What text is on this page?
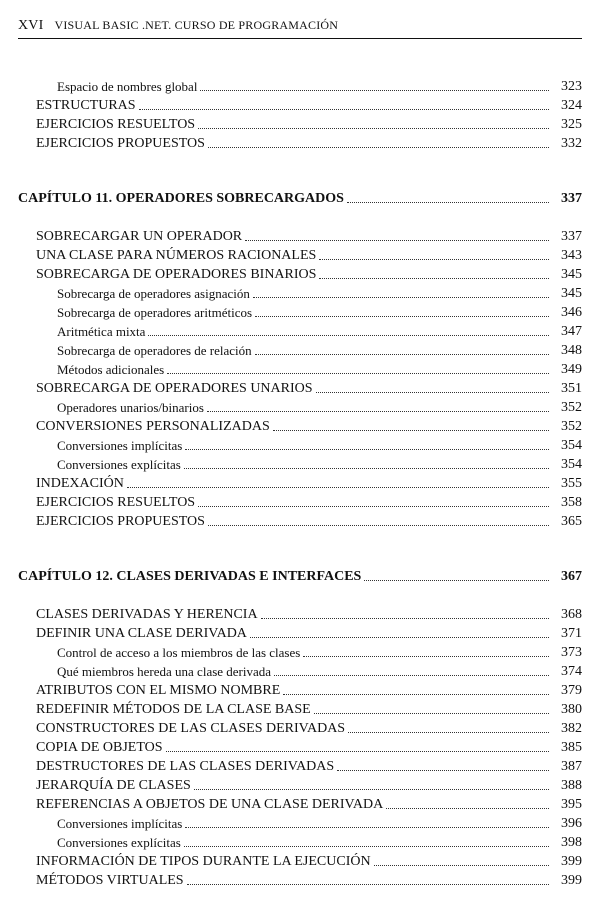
XVI VISUAL BASIC .NET. CURSO DE PROGRAMACIÓN
Espacio de nombres global	323
ESTRUCTURAS	324
EJERCICIOS RESUELTOS	325
EJERCICIOS PROPUESTOS	332
CAPÍTULO 11. OPERADORES SOBRECARGADOS	337
SOBRECARGAR UN OPERADOR	337
UNA CLASE PARA NÚMEROS RACIONALES	343
SOBRECARGA DE OPERADORES BINARIOS	345
Sobrecarga de operadores asignación	345
Sobrecarga de operadores aritméticos	346
Aritmética mixta	347
Sobrecarga de operadores de relación	348
Métodos adicionales	349
SOBRECARGA DE OPERADORES UNARIOS	351
Operadores unarios/binarios	352
CONVERSIONES PERSONALIZADAS	352
Conversiones implícitas	354
Conversiones explícitas	354
INDEXACIÓN	355
EJERCICIOS RESUELTOS	358
EJERCICIOS PROPUESTOS	365
CAPÍTULO 12. CLASES DERIVADAS E INTERFACES	367
CLASES DERIVADAS Y HERENCIA	368
DEFINIR UNA CLASE DERIVADA	371
Control de acceso a los miembros de las clases	373
Qué miembros hereda una clase derivada	374
ATRIBUTOS CON EL MISMO NOMBRE	379
REDEFINIR MÉTODOS DE LA CLASE BASE	380
CONSTRUCTORES DE LAS CLASES DERIVADAS	382
COPIA DE OBJETOS	385
DESTRUCTORES DE LAS CLASES DERIVADAS	387
JERARQUÍA DE CLASES	388
REFERENCIAS A OBJETOS DE UNA CLASE DERIVADA	395
Conversiones implícitas	396
Conversiones explícitas	398
INFORMACIÓN DE TIPOS DURANTE LA EJECUCIÓN	399
MÉTODOS VIRTUALES	399
